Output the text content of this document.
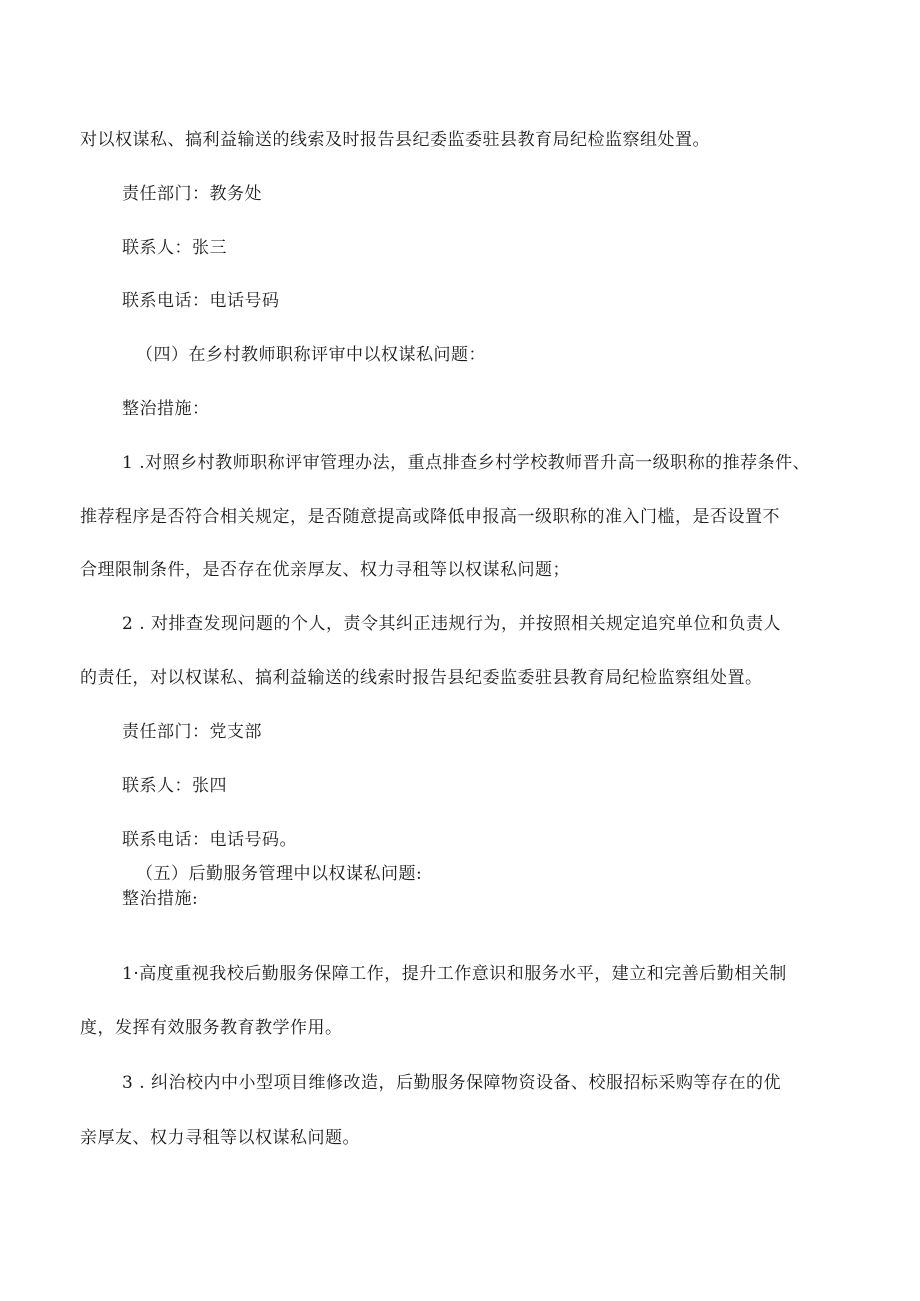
对以权谋私、搞利益输送的线索及时报告县纪委监委驻县教育局纪检监察组处置。
责任部门：教务处
联系人：张三
联系电话：电话号码
（四）在乡村教师职称评审中以权谋私问题：
整治措施：
1 .对照乡村教师职称评审管理办法，重点排查乡村学校教师晋升高一级职称的推荐条件、
推荐程序是否符合相关规定，是否随意提高或降低申报高一级职称的准入门槛，是否设置不
合理限制条件，是否存在优亲厚友、权力寻租等以权谋私问题；
2 . 对排查发现问题的个人，责令其纠正违规行为，并按照相关规定追究单位和负责人
的责任，对以权谋私、搞利益输送的线索时报告县纪委监委驻县教育局纪检监察组处置。
责任部门：党支部
联系人：张四
联系电话：电话号码。
（五）后勤服务管理中以权谋私问题:
整治措施:
1·高度重视我校后勤服务保障工作，提升工作意识和服务水平，建立和完善后勤相关制
度，发挥有效服务教育教学作用。
3 . 纠治校内中小型项目维修改造，后勤服务保障物资设备、校服招标采购等存在的优
亲厚友、权力寻租等以权谋私问题。
